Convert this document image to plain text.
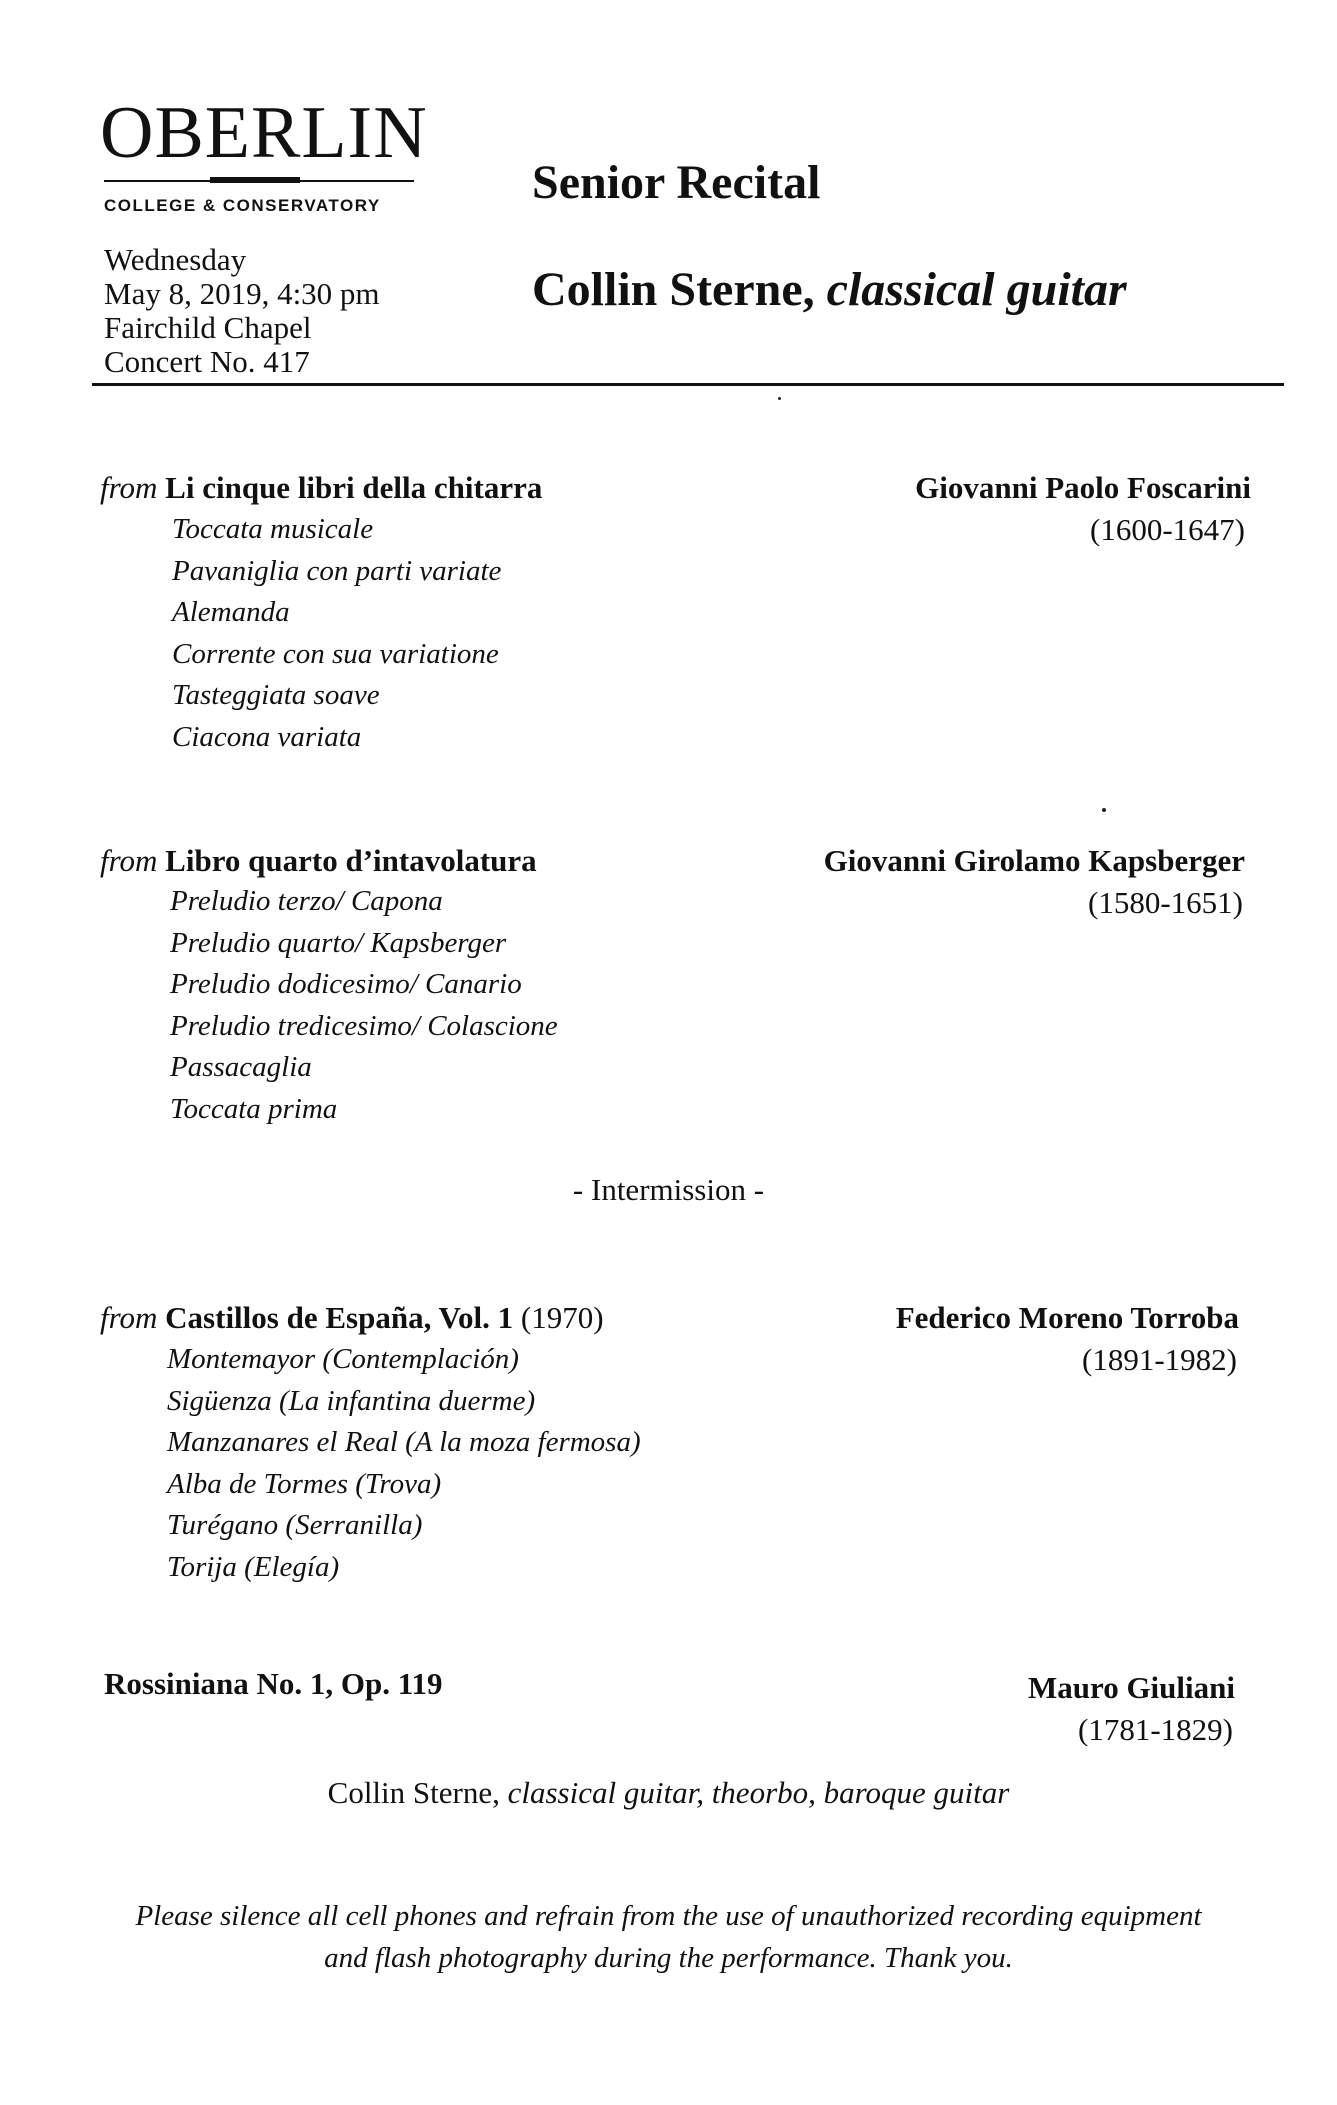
OBERLIN
COLLEGE & CONSERVATORY
Wednesday
May 8, 2019, 4:30 pm
Fairchild Chapel
Concert No. 417
Senior Recital
Collin Sterne, classical guitar
from Li cinque libri della chitarra	Giovanni Paolo Foscarini
(1600-1647)
Toccata musicale
Pavaniglia con parti variate
Alemanda
Corrente con sua variatione
Tasteggiata soave
Ciacona variata
from Libro quarto d’intavolatura	Giovanni Girolamo Kapsberger
(1580-1651)
Preludio terzo/ Capona
Preludio quarto/ Kapsberger
Preludio dodicesimo/ Canario
Preludio tredicesimo/ Colascione
Passacaglia
Toccata prima
- Intermission -
from Castillos de España, Vol. 1 (1970)	Federico Moreno Torroba
(1891-1982)
Montemayor (Contemplación)
Sigüenza (La infantina duerme)
Manzanares el Real (A la moza fermosa)
Alba de Tormes (Trova)
Turégano (Serranilla)
Torija (Elegía)
Rossiniana No. 1, Op. 119	Mauro Giuliani
(1781-1829)
Collin Sterne, classical guitar, theorbo, baroque guitar
Please silence all cell phones and refrain from the use of unauthorized recording equipment
and flash photography during the performance. Thank you.
